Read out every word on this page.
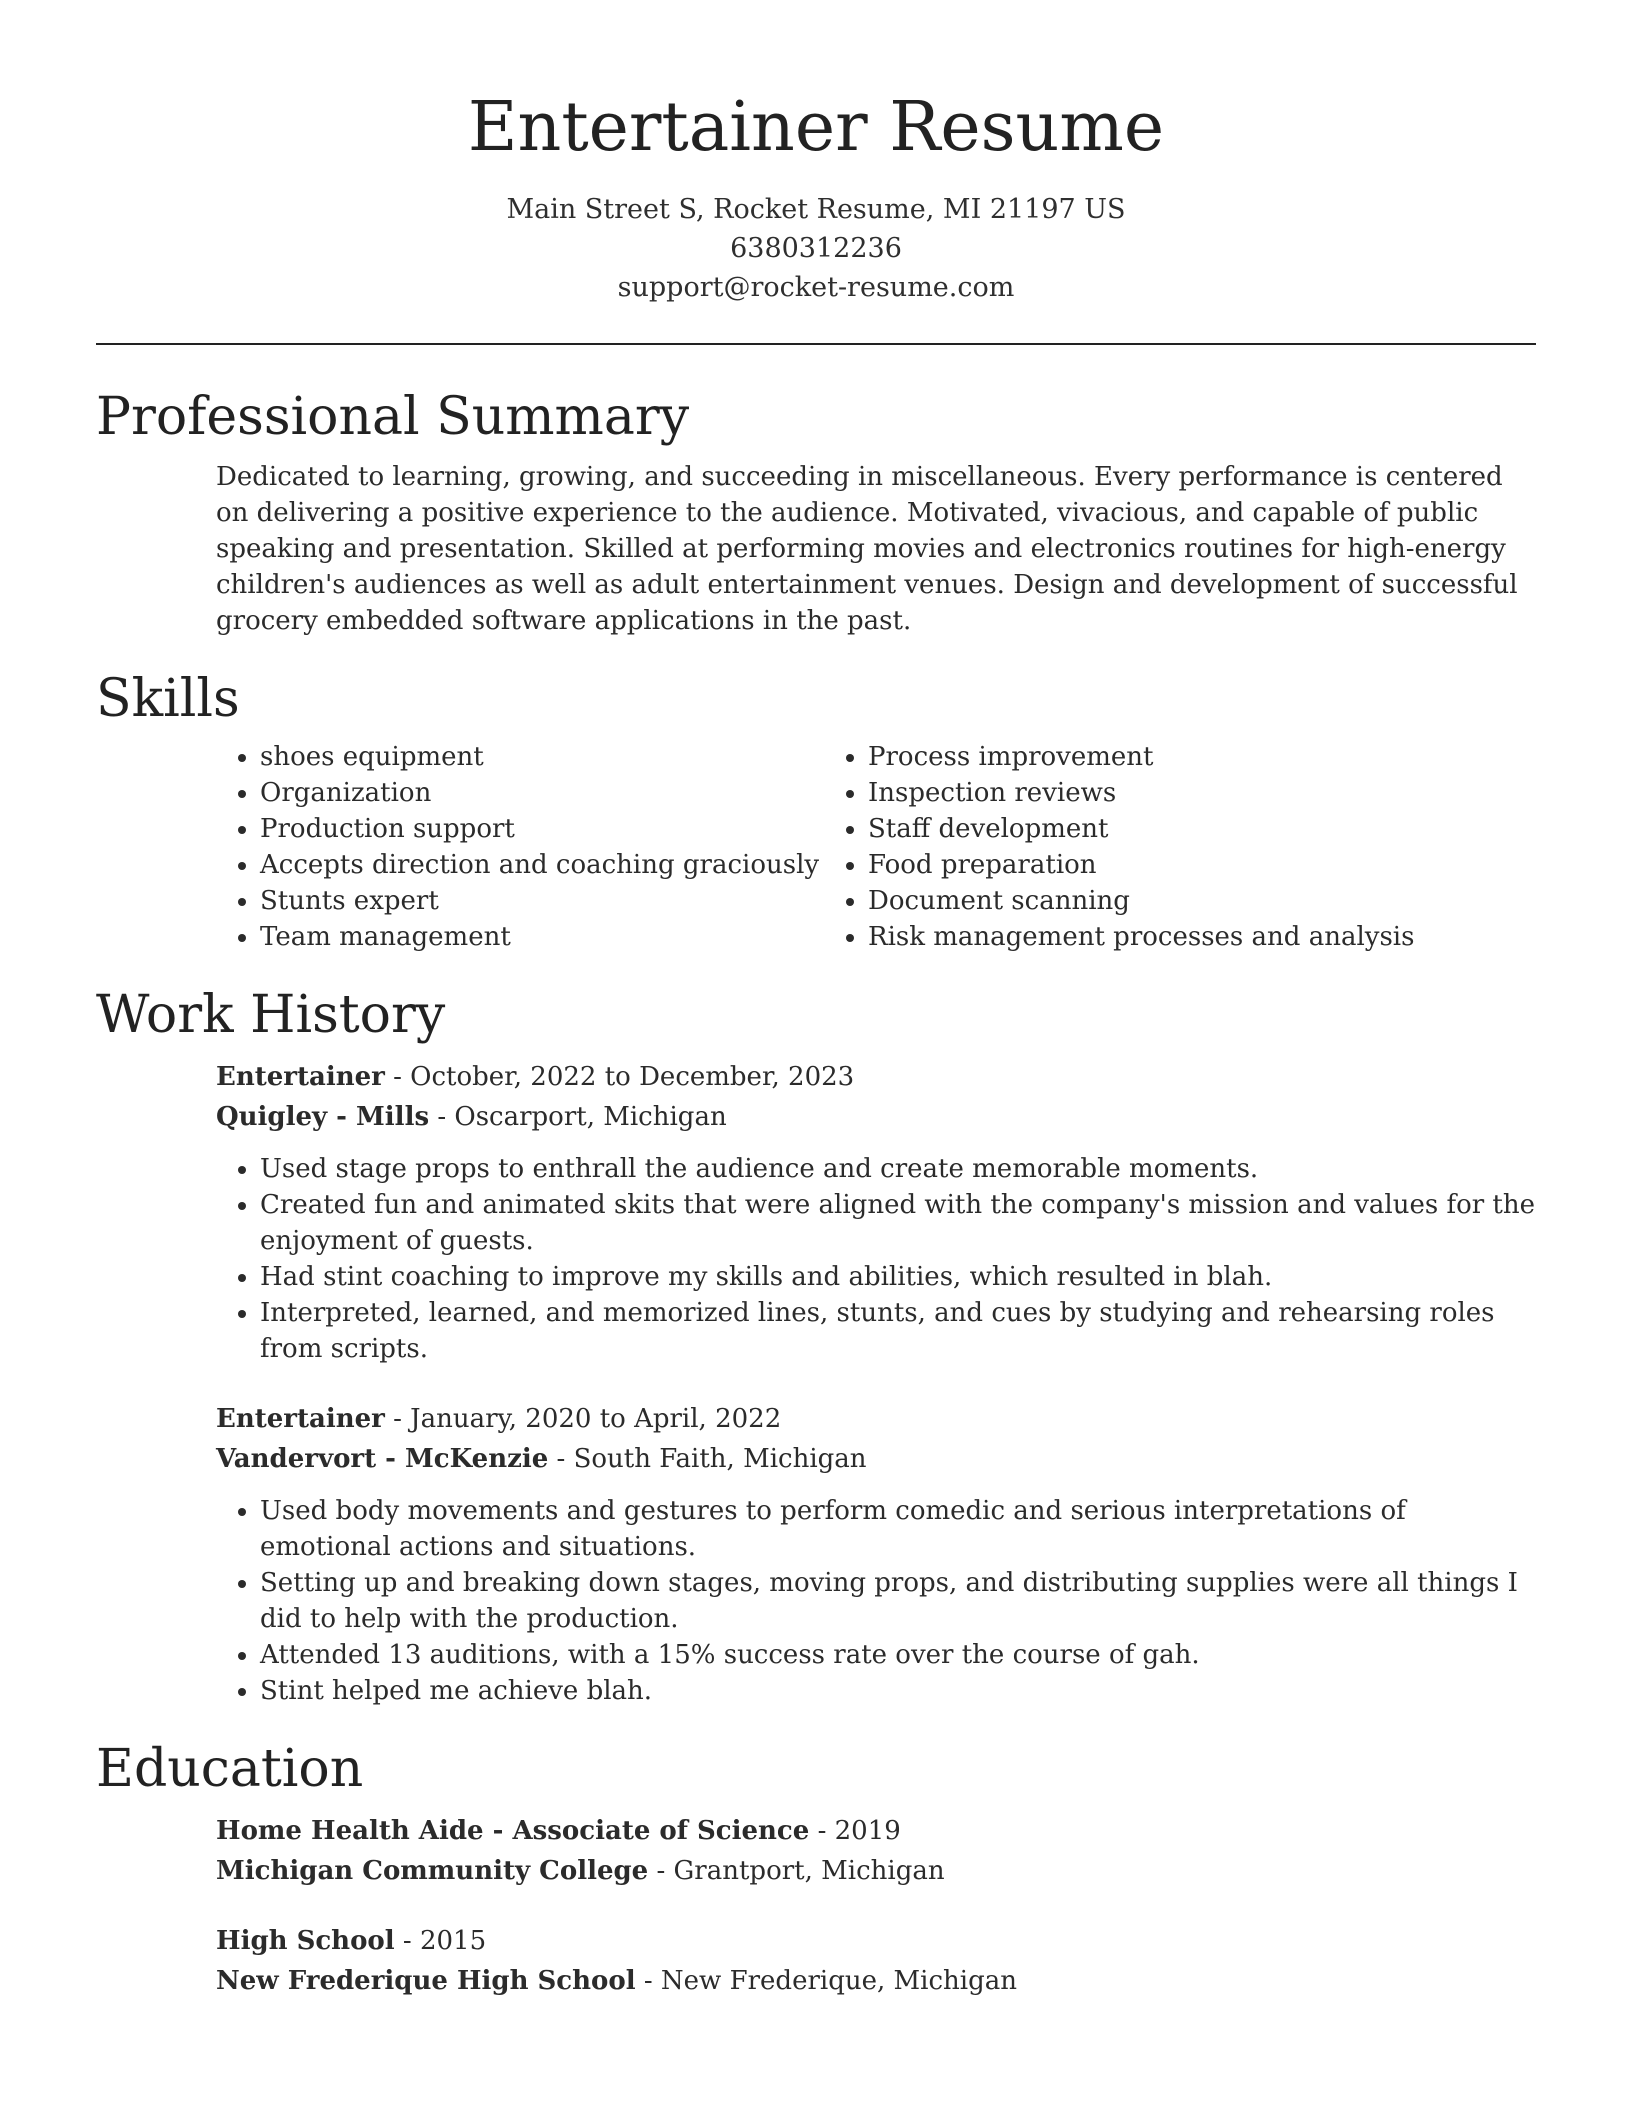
Entertainer Resume
Main Street S, Rocket Resume, MI 21197 US
6380312236
support@rocket-resume.com
Professional Summary

Dedicated to learning, growing, and succeeding in miscellaneous. Every performance is centered on delivering a positive experience to the audience. Motivated, vivacious, and capable of public speaking and presentation. Skilled at performing movies and electronics routines for high-energy children's audiences as well as adult entertainment venues. Design and development of successful grocery embedded software applications in the past.

Skills
• shoes equipment
• Organization
• Production support
• Accepts direction and coaching graciously
• Stunts expert
• Team management
• Process improvement
• Inspection reviews
• Staff development
• Food preparation
• Document scanning
• Risk management processes and analysis
Work History
Entertainer - October, 2022 to December, 2023
Quigley - Mills - Oscarport, Michigan
• Used stage props to enthrall the audience and create memorable moments.
• Created fun and animated skits that were aligned with the company's mission and values for the enjoyment of guests.
• Had stint coaching to improve my skills and abilities, which resulted in blah.
• Interpreted, learned, and memorized lines, stunts, and cues by studying and rehearsing roles from scripts.
Entertainer - January, 2020 to April, 2022
Vandervort - McKenzie - South Faith, Michigan
• Used body movements and gestures to perform comedic and serious interpretations of emotional actions and situations.
• Setting up and breaking down stages, moving props, and distributing supplies were all things I did to help with the production.
• Attended 13 auditions, with a 15% success rate over the course of gah.
• Stint helped me achieve blah.
Education
Home Health Aide - Associate of Science - 2019
Michigan Community College - Grantport, Michigan
High School - 2015
New Frederique High School - New Frederique, Michigan
